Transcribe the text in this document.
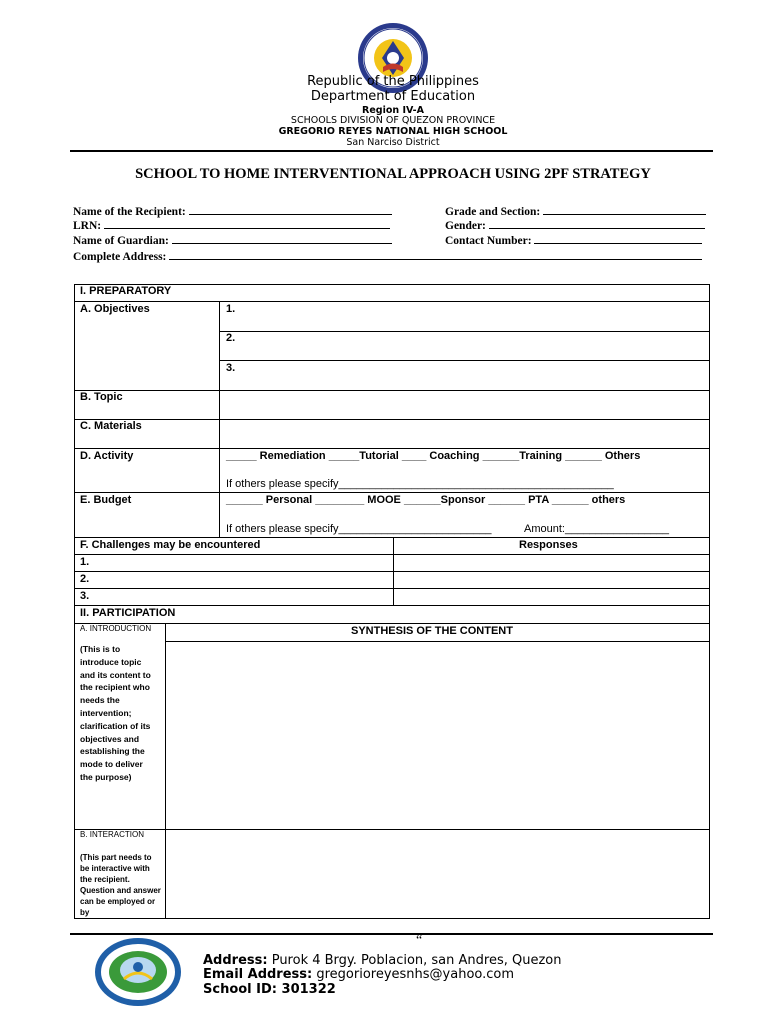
Republic of the Philippines
Department of Education
Region IV-A
SCHOOLS DIVISION OF QUEZON PROVINCE
GREGORIO REYES NATIONAL HIGH SCHOOL
San Narciso District
SCHOOL TO HOME INTERVENTIONAL APPROACH USING 2PF STRATEGY
Name of the Recipient:
LRN:
Name of Guardian:
Complete Address:
Grade and Section:
Gender:
Contact Number:
I. PREPARATORY
A. Objectives	1.
2.
3.
B. Topic
C. Materials
D. Activity	_____ Remediation _____Tutorial ____ Coaching ______Training ______ Others
If others please specify_____________________________________________
E. Budget	______ Personal ________ MOOE ______Sponsor ______ PTA ______ others
If others please specify_________________________	Amount:_________________
F. Challenges may be encountered	Responses
1.
2.
3.
II. PARTICIPATION
A. INTRODUCTION	SYNTHESIS OF THE CONTENT
(This is to introduce topic and its content to the recipient who needs the intervention; clarification of its objectives and establishing the mode to deliver the purpose)
B. INTERACTION
(This part needs to be interactive with the recipient. Question and answer can be employed or by
“
Address: Purok 4 Brgy. Poblacion, san Andres, Quezon
Email Address: gregorioreyesnhs@yahoo.com
School ID: 301322
